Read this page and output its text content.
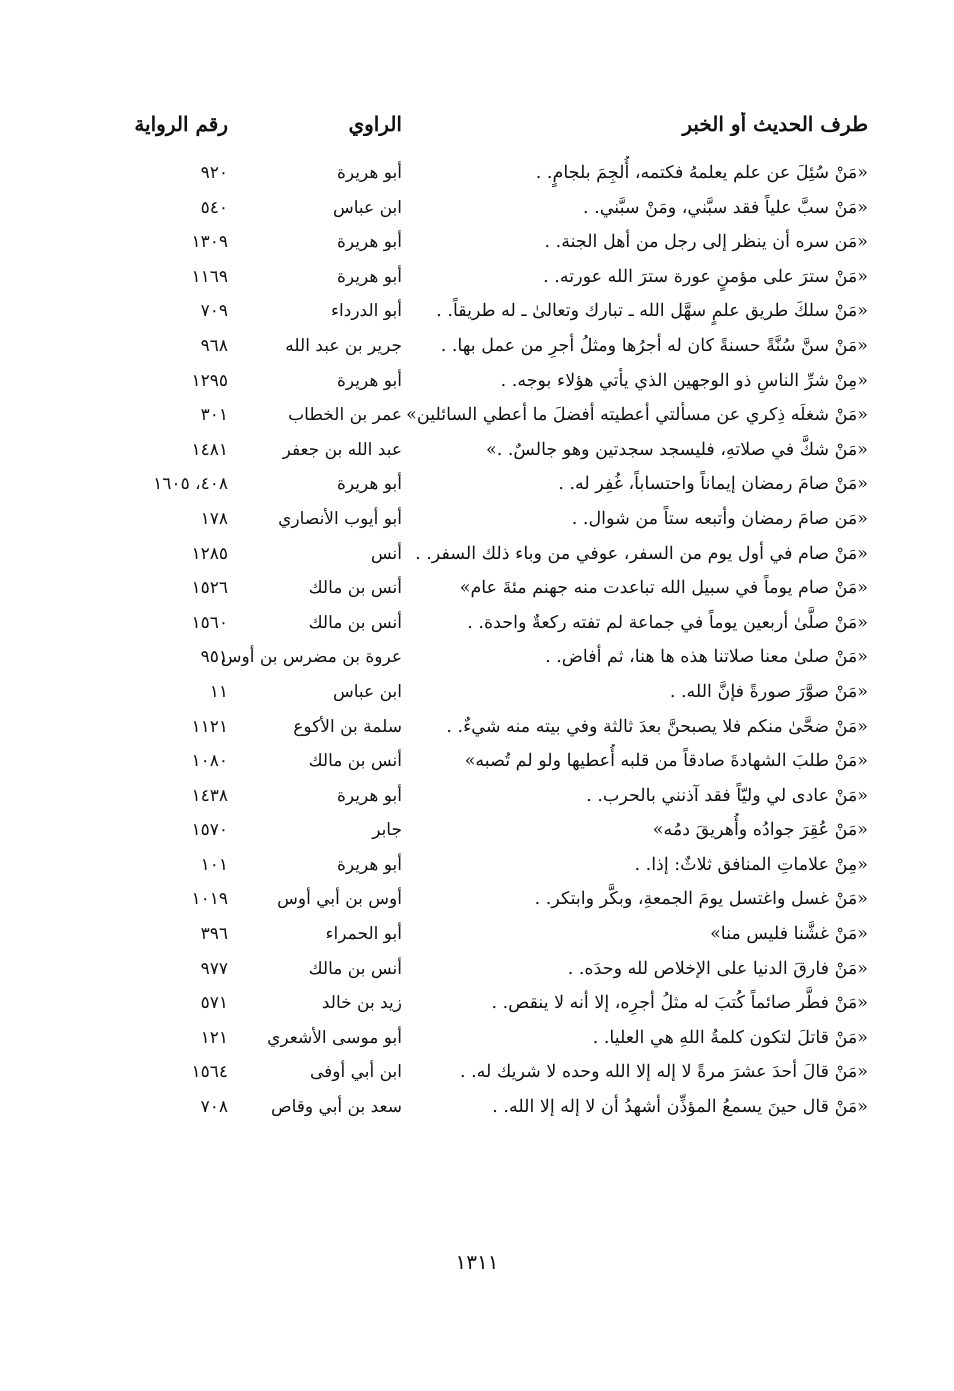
طرف الحديث أو الخبر
الراوي
رقم الرواية
«مَنْ سُئِلَ عن علم يعلمهُ فكتمه، أُلجِمَ بلجامٍ. .
أبو هريرة
٩٢٠
«مَنْ سبَّ علياً فقد سبَّني، ومَنْ سبَّني. .
ابن عباس
٥٤٠
«مَن سره أن ينظر إلى رجل من أهل الجنة. .
أبو هريرة
١٣٠٩
«مَنْ سترَ على مؤمنٍ عورة سترَ الله عورته. .
أبو هريرة
١١٦٩
«مَنْ سلكَ طريق علمٍ سهَّل الله ـ تبارك وتعالىٰ ـ له طريقاً. .
أبو الدرداء
٧٠٩
«مَنْ سنَّ سُنَّةً حسنةً كان له أجرُها ومثلُ أجرِ من عمل بها. .
جرير بن عبد الله
٩٦٨
«مِنْ شرِّ الناسِ ذو الوجهين الذي يأتي هؤلاء بوجه. .
أبو هريرة
١٢٩٥
«مَنْ شغلَه ذِكري عن مسألتي أعطيته أفضلَ ما أعطي السائلين»
عمر بن الخطاب
٣٠١
«مَنْ شكَّ في صلاتهِ، فليسجد سجدتين وهو جالسٌ. .»
عبد الله بن جعفر
١٤٨١
«مَنْ صامَ رمضان إيماناً واحتساباً، غُفِر له. .
أبو هريرة
٤٠٨، ١٦٠٥
«مَن صامَ رمضان وأتبعه ستاً من شوال. .
أبو أيوب الأنصاري
١٧٨
«مَنْ صام في أول يوم من السفر، عوفي من وباء ذلك السفر. .
أنس
١٢٨٥
«مَنْ صام يوماً في سبيل الله تباعدت منه جهنم مئةَ عام»
أنس بن مالك
١٥٢٦
«مَنْ صلَّىٰ أربعين يوماً في جماعة لم تفته ركعةٌ واحدة. .
أنس بن مالك
١٥٦٠
«مَنْ صلىٰ معنا صلاتنا هذه ها هنا، ثم أفاض. .
عروة بن مضرس بن أوس
٩٥١
«مَنْ صوَّرَ صورةً فإنَّ الله. .
ابن عباس
١١
«مَنْ ضحَّىٰ منكم فلا يصبحنَّ بعدَ ثالثة وفي بيته منه شيءٌ. .
سلمة بن الأكوع
١١٢١
«مَنْ طلبَ الشهادةَ صادقاً من قلبه أُعطيها ولو لم تُصبه»
أنس بن مالك
١٠٨٠
«مَنْ عادى لي وليّاً فقد آذنني بالحرب. .
أبو هريرة
١٤٣٨
«مَنْ عُقِرَ جوادُه وأُهريقَ دمُه»
جابر
١٥٧٠
«مِنْ علاماتِ المنافق ثلاثٌ: إذا. .
أبو هريرة
١٠١
«مَنْ غسل واغتسل يومَ الجمعةِ، وبكَّر وابتكر. .
أوس بن أبي أوس
١٠١٩
«مَنْ غشَّنا فليس منا»
أبو الحمراء
٣٩٦
«مَنْ فارقَ الدنيا على الإخلاص لله وحدَه. .
أنس بن مالك
٩٧٧
«مَنْ فطَّر صائماً كُتبَ له مثلُ أجرِه، إلا أنه لا ينقص. .
زيد بن خالد
٥٧١
«مَنْ قاتلَ لتكون كلمةُ اللهِ هي العليا. .
أبو موسى الأشعري
١٢١
«مَنْ قالَ أحدَ عشرَ مرةً لا إله إلا الله وحده لا شريك له. .
ابن أبي أوفى
١٥٦٤
«مَنْ قال حينَ يسمعُ المؤذِّن أشهدُ أن لا إله إلا الله. .
سعد بن أبي وقاص
٧٠٨
١٣١١
